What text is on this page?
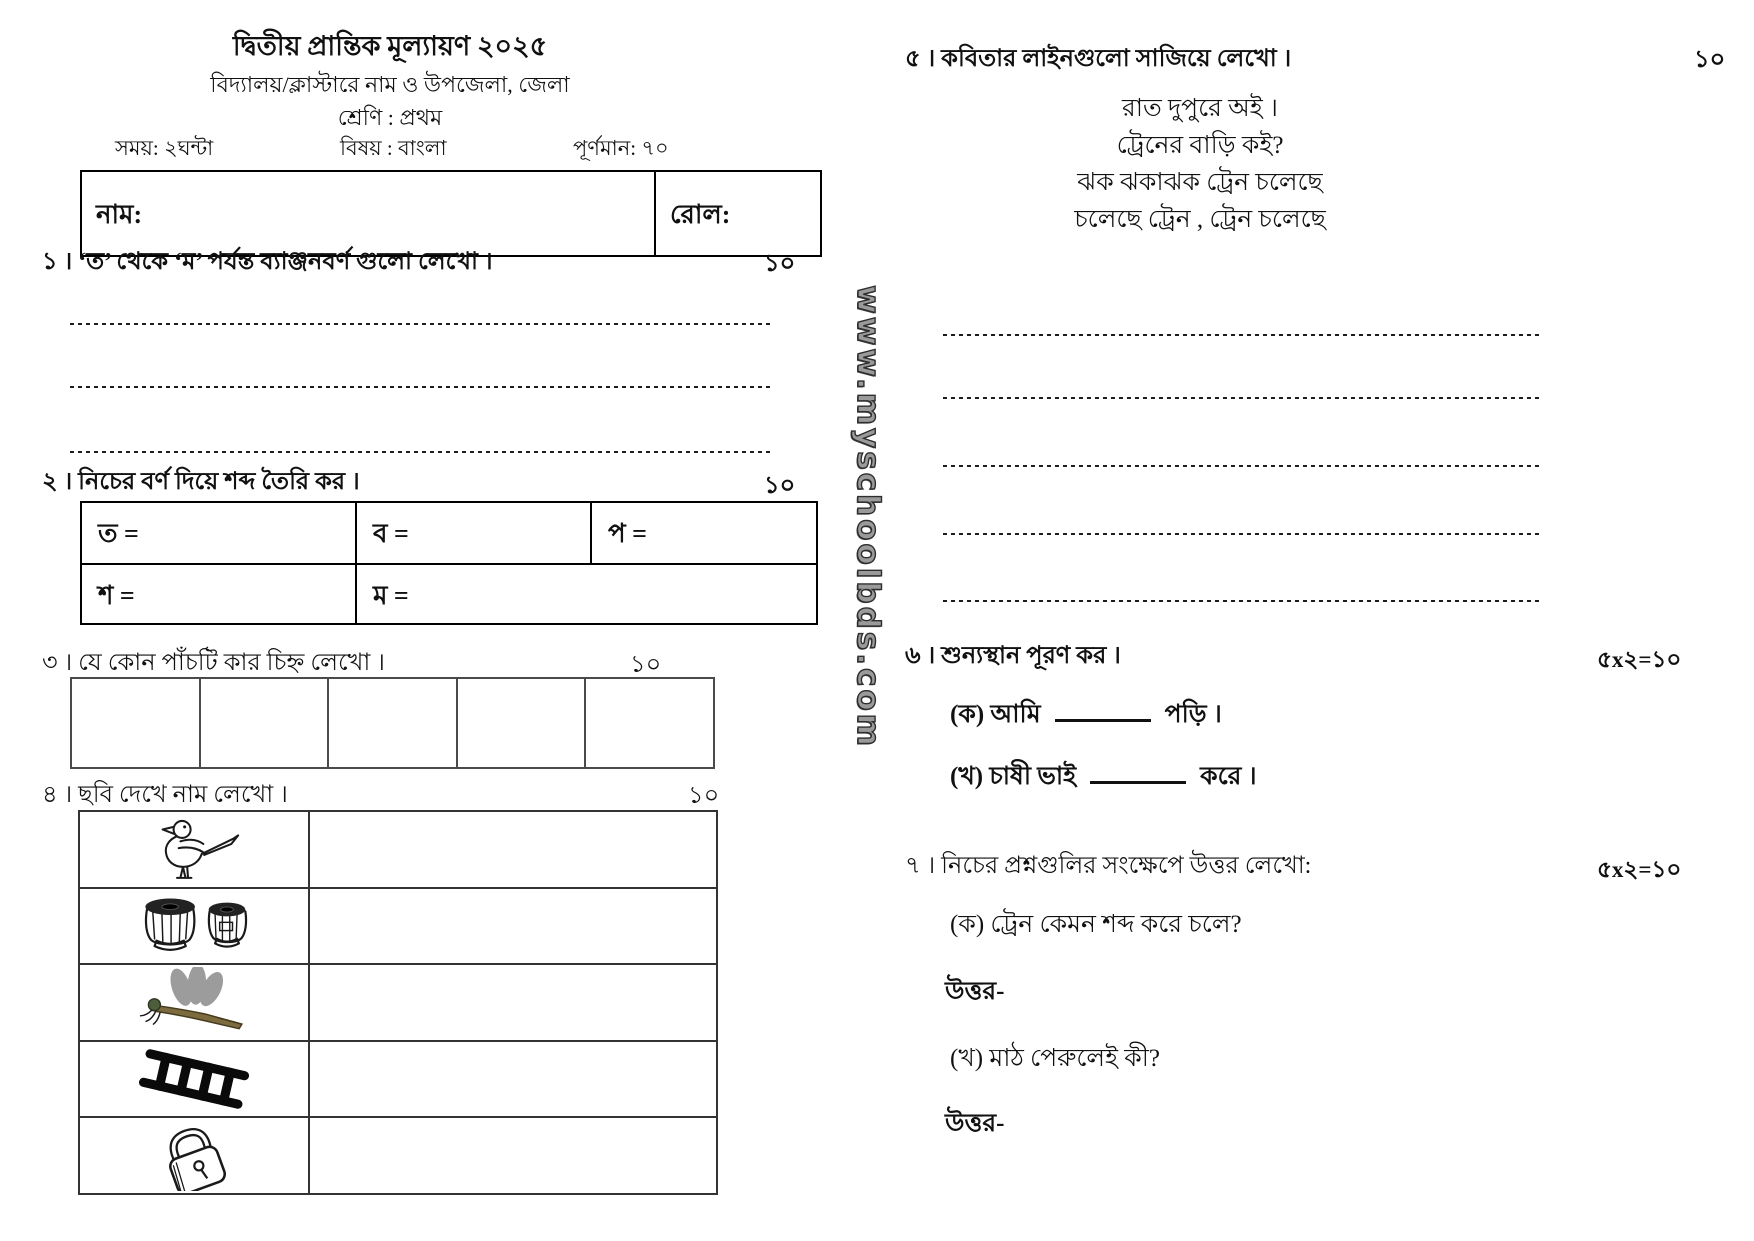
দ্বিতীয় প্রান্তিক মূল্যায়ণ ২০২৫
বিদ্যালয়/ক্লাস্টারে নাম ও উপজেলা, জেলা
শ্রেণি : প্রথম
সময়: ২ঘন্টা	বিষয় : বাংলা	পূর্ণমান: ৭০
নাম:	রোল:
১ । ‘ত’ থেকে ‘ম’ পর্যন্ত ব্যাঞ্জনবর্ণ গুলো লেখো ।	১০
২ । নিচের বর্ণ দিয়ে শব্দ তৈরি কর ।	১০
ত =	ব =	প =
শ =	ম =
৩ । যে কোন পাঁচটি কার চিহ্ন লেখো ।	১০
৪ । ছবি দেখে নাম লেখো ।	১০
www.myschoolbds.com
৫ । কবিতার লাইনগুলো সাজিয়ে লেখো ।	১০
রাত দুপুরে অই ।
ট্রেনের বাড়ি কই?
ঝক ঝকাঝক ট্রেন চলেছে
চলেছে ট্রেন , ট্রেন চলেছে
৬ । শুন্যস্থান পূরণ কর ।	৫x২=১০
(ক) আমি	পড়ি ।
(খ) চাষী ভাই	করে ।
৭ । নিচের প্রশ্নগুলির সংক্ষেপে উত্তর লেখো:	৫x২=১০
(ক) ট্রেন কেমন শব্দ করে চলে?
উত্তর-
(খ) মাঠ পেরুলেই কী?
উত্তর-
